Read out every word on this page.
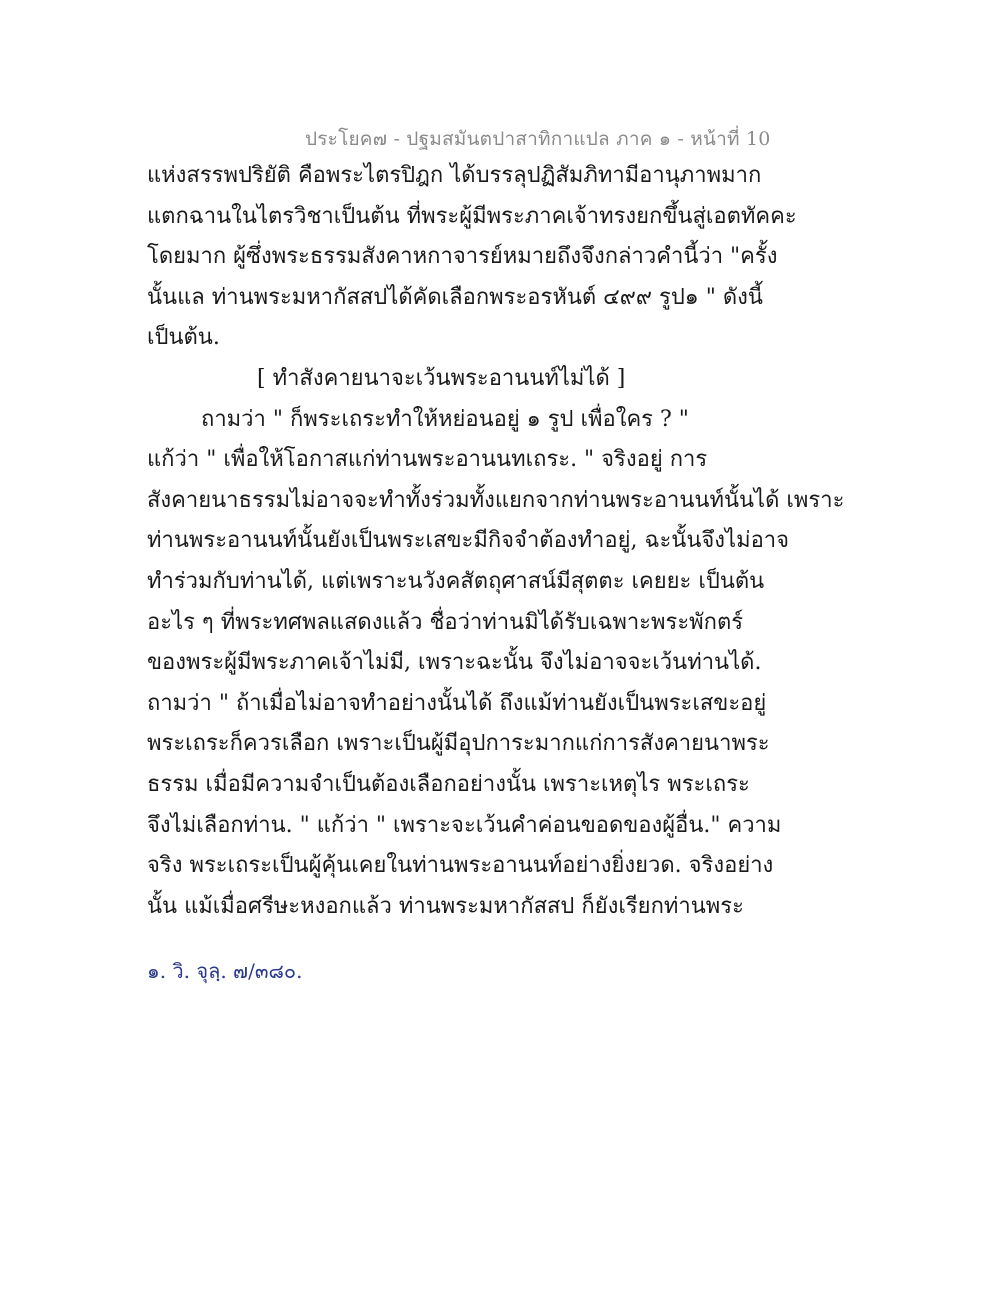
ประโยค๗ - ปฐมสมันตปาสาทิกาแปล ภาค ๑ - หน้าที่ 10
แห่งสรรพปริยัติ คือพระไตรปิฎก ได้บรรลุปฏิสัมภิทามีอานุภาพมาก
แตกฉานในไตรวิชาเป็นต้น ที่พระผู้มีพระภาคเจ้าทรงยกขึ้นสู่เอตทัคคะ
โดยมาก ผู้ซึ่งพระธรรมสังคาหกาจารย์หมายถึงจึงกล่าวคำนี้ว่า "ครั้ง
นั้นแล ท่านพระมหากัสสปได้คัดเลือกพระอรหันต์ ๔๙๙ รูป๑ " ดังนี้
เป็นต้น.
[ ทำสังคายนาจะเว้นพระอานนท์ไม่ได้ ]
ถามว่า " ก็พระเถระทำให้หย่อนอยู่ ๑ รูป เพื่อใคร ? "
แก้ว่า " เพื่อให้โอกาสแก่ท่านพระอานนทเถระ. " จริงอยู่ การ
สังคายนาธรรมไม่อาจจะทำทั้งร่วมทั้งแยกจากท่านพระอานนท์นั้นได้ เพราะ
ท่านพระอานนท์นั้นยังเป็นพระเสขะมีกิจจำต้องทำอยู่, ฉะนั้นจึงไม่อาจ
ทำร่วมกับท่านได้, แต่เพราะนวังคสัตถุศาสน์มีสุตตะ เคยยะ เป็นต้น
อะไร ๆ ที่พระทศพลแสดงแล้ว ชื่อว่าท่านมิได้รับเฉพาะพระพักตร์
ของพระผู้มีพระภาคเจ้าไม่มี, เพราะฉะนั้น จึงไม่อาจจะเว้นท่านได้.
ถามว่า " ถ้าเมื่อไม่อาจทำอย่างนั้นได้ ถึงแม้ท่านยังเป็นพระเสขะอยู่
พระเถระก็ควรเลือก เพราะเป็นผู้มีอุปการะมากแก่การสังคายนาพระ
ธรรม เมื่อมีความจำเป็นต้องเลือกอย่างนั้น เพราะเหตุไร พระเถระ
จึงไม่เลือกท่าน. " แก้ว่า " เพราะจะเว้นคำค่อนขอดของผู้อื่น." ความ
จริง พระเถระเป็นผู้คุ้นเคยในท่านพระอานนท์อย่างยิ่งยวด. จริงอย่าง
นั้น แม้เมื่อศรีษะหงอกแล้ว ท่านพระมหากัสสป ก็ยังเรียกท่านพระ
๑. วิ. จุลฺ. ๗/๓๘๐.
